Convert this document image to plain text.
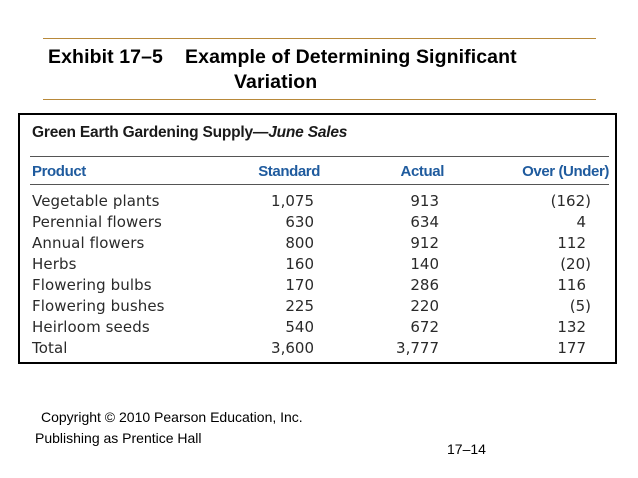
Exhibit 17–5 Example of Determining Significant
Variation
Green Earth Gardening Supply—June Sales
Product	Standard	Actual	Over (Under)
Vegetable plants	1,075	913	(162)
Perennial flowers	630	634	4
Annual flowers	800	912	112
Herbs	160	140	(20)
Flowering bulbs	170	286	116
Flowering bushes	225	220	(5)
Heirloom seeds	540	672	132
Total	3,600	3,777	177
Copyright © 2010 Pearson Education, Inc.
Publishing as Prentice Hall
17–14
